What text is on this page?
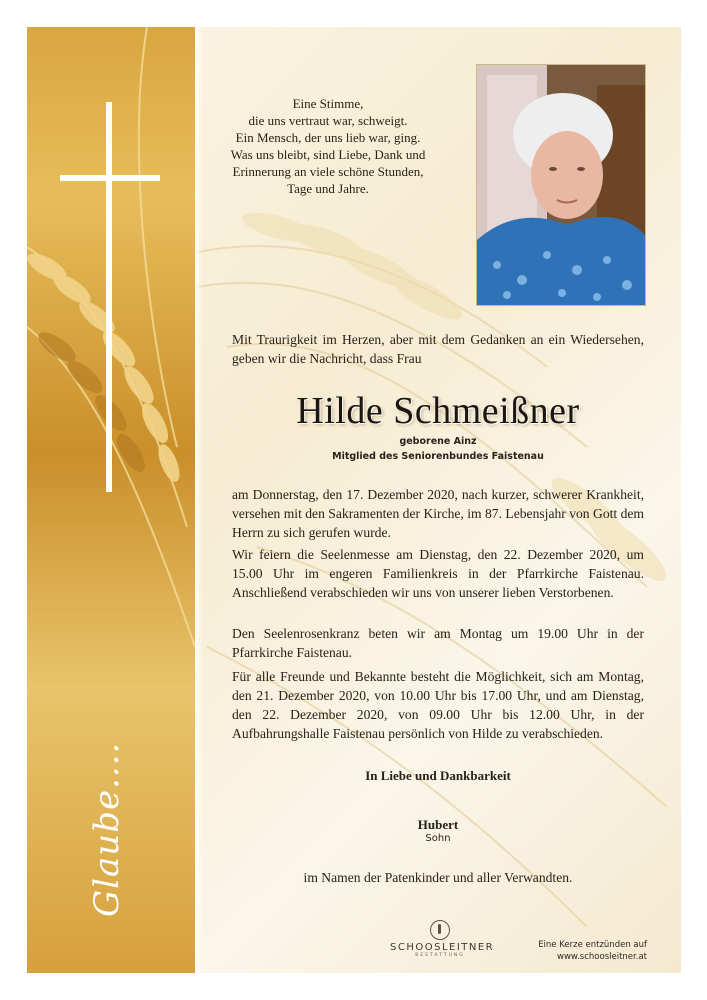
Glaube....
Eine Stimme,
die uns vertraut war, schweigt.
Ein Mensch, der uns lieb war, ging.
Was uns bleibt, sind Liebe, Dank und
Erinnerung an viele schöne Stunden,
Tage und Jahre.
Mit Traurigkeit im Herzen, aber mit dem Gedanken an ein Wiedersehen, geben wir die Nachricht, dass Frau
Hilde Schmeißner
geborene Ainz
Mitglied des Seniorenbundes Faistenau
am Donnerstag, den 17. Dezember 2020, nach kurzer, schwerer Krankheit, versehen mit den Sakramenten der Kirche, im 87. Lebensjahr von Gott dem Herrn zu sich gerufen wurde.
Wir feiern die Seelenmesse am Dienstag, den 22. Dezember 2020, um 15.00 Uhr im engeren Familienkreis in der Pfarrkirche Faistenau. Anschließend verabschieden wir uns von unserer lieben Verstorbenen.
Den Seelenrosenkranz beten wir am Montag um 19.00 Uhr in der Pfarrkirche Faistenau.
Für alle Freunde und Bekannte besteht die Möglichkeit, sich am Montag, den 21. Dezember 2020, von 10.00 Uhr bis 17.00 Uhr, und am Dienstag, den 22. Dezember 2020, von 09.00 Uhr bis 12.00 Uhr, in der Aufbahrungshalle Faistenau persönlich von Hilde zu verabschieden.
In Liebe und Dankbarkeit
Hubert
Sohn
im Namen der Patenkinder und aller Verwandten.
SCHOOSLEITNER
BESTATTUNG
Eine Kerze entzünden auf
www.schoosleitner.at
